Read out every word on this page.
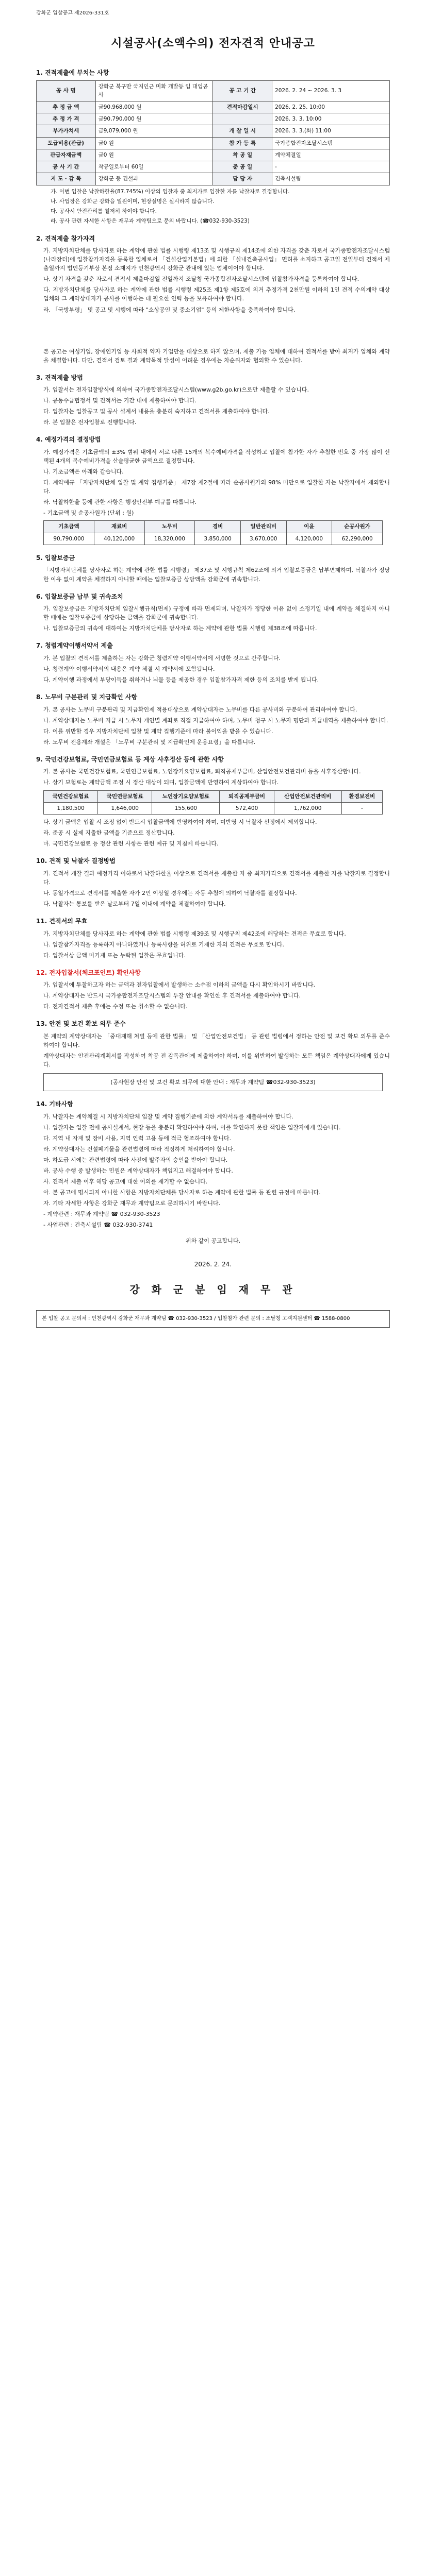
강화군 입찰공고 제2026-331호
시설공사(소액수의) 전자견적 안내공고
1. 견적제출에 부치는 사항
공 사 명	강화군 북구만 국지인근 미화 개발등 임 대임공사	공 고 기 간	2026. 2. 24 ~ 2026. 3. 3
추 정 금 액	금90,968,000 원	견적마감일시	2026. 2. 25. 10:00
추 정 가 격	금90,790,000 원		2026. 3. 3. 10:00
부가가치세	금9,079,000 원	개 찰 일 시	2026. 3. 3.(화) 11:00
도급비용(관급)	금0 원	참 가 등 록	국가종합전자조달시스템
관급자재금액	금0 원	착 공 일	계약체결일
공 사 기 간	착공일로부터 60일	준 공 일	-
지 도 · 감 독	강화군 등 건설과	담 당 자	건축시설팀
가. 이번 입찰은 낙찰하한율(87.745%) 이상의 입찰자 중 최저가로 입찰한 자를 낙찰자로 결정합니다.
나. 사업장은 강화군 강화읍 일원이며, 현장설명은 실시하지 않습니다.
다. 공사시 안전관리를 철저히 하여야 합니다.
라. 공사 관련 자세한 사항은 재무과 계약팀으로 문의 바랍니다. (☎032-930-3523)
2. 견적제출 참가자격
가. 지방자치단체를 당사자로 하는 계약에 관한 법률 시행령 제13조 및 시행규칙 제14조에 의한 자격을 갖춘 자로서 국가종합전자조달시스템(나라장터)에 입찰참가자격을 등록한 업체로서 「건설산업기본법」에 의한 「실내건축공사업」 면허를 소지하고 공고일 전일부터 견적서 제출일까지 법인등기부상 본점 소재지가 인천광역시 강화군 관내에 있는 업체이어야 합니다.
나. 상기 자격을 갖춘 자로서 견적서 제출마감일 전일까지 조달청 국가종합전자조달시스템에 입찰참가자격을 등록하여야 합니다.
다. 지방자치단체를 당사자로 하는 계약에 관한 법률 시행령 제25조 제1항 제5호에 의거 추정가격 2천만원 이하의 1인 견적 수의계약 대상 업체와 그 계약상대자가 공사를 이행하는 데 필요한 인력 등을 보유하여야 합니다.
라. 「국방부령」 및 공고 및 시행에 따라 "소상공인 및 중소기업" 등의 제한사항을 충족하여야 합니다.
본 공고는 여성기업, 장애인기업 등 사회적 약자 기업만을 대상으로 하지 않으며, 제출 가능 업체에 대하여 견적서를 받아 최저가 업체와 계약을 체결합니다. 다만, 견적서 검토 결과 계약목적 달성이 어려운 경우에는 차순위자와 협의할 수 있습니다.
3. 견적제출 방법
가. 입찰서는 전자입찰방식에 의하여 국가종합전자조달시스템(www.g2b.go.kr)으로만 제출할 수 있습니다.
나. 공동수급협정서 및 견적서는 기간 내에 제출하여야 합니다.
다. 입찰자는 입찰공고 및 공사 설계서 내용을 충분히 숙지하고 견적서를 제출하여야 합니다.
라. 본 입찰은 전자입찰로 진행합니다.
4. 예정가격의 결정방법
가. 예정가격은 기초금액의 ±3% 범위 내에서 서로 다른 15개의 복수예비가격을 작성하고 입찰에 참가한 자가 추첨한 번호 중 가장 많이 선택된 4개의 복수예비가격을 산술평균한 금액으로 결정합니다.
나. 기초금액은 아래와 같습니다.
다. 계약예규 「지방자치단체 입찰 및 계약 집행기준」 제7장 제2절에 따라 순공사원가의 98% 미만으로 입찰한 자는 낙찰자에서 제외합니다.
라. 낙찰하한율 등에 관한 사항은 행정안전부 예규를 따릅니다.
- 기초금액 및 순공사원가 (단위 : 원)
기초금액	재료비	노무비	경비	일반관리비	이윤	순공사원가
90,790,000	40,120,000	18,320,000	3,850,000	3,670,000	4,120,000	62,290,000
5. 입찰보증금
「지방자치단체를 당사자로 하는 계약에 관한 법률 시행령」 제37조 및 시행규칙 제62조에 의거 입찰보증금은 납부면제하며, 낙찰자가 정당한 이유 없이 계약을 체결하지 아니할 때에는 입찰보증금 상당액을 강화군에 귀속합니다.
6. 입찰보증금 납부 및 귀속조치
가. 입찰보증금은 지방자치단체 입찰시행규칙(면제) 규정에 따라 면제되며, 낙찰자가 정당한 이유 없이 소정기일 내에 계약을 체결하지 아니할 때에는 입찰보증금에 상당하는 금액을 강화군에 귀속합니다.
나. 입찰보증금의 귀속에 대하여는 지방자치단체를 당사자로 하는 계약에 관한 법률 시행령 제38조에 따릅니다.
7. 청렴계약이행서약서 제출
가. 본 입찰의 견적서를 제출하는 자는 강화군 청렴계약 이행서약서에 서명한 것으로 간주합니다.
나. 청렴계약 이행서약서의 내용은 계약 체결 시 계약서에 포함됩니다.
다. 계약이행 과정에서 부당이득을 취하거나 뇌물 등을 제공한 경우 입찰참가자격 제한 등의 조치를 받게 됩니다.
8. 노무비 구분관리 및 지급확인 사항
가. 본 공사는 노무비 구분관리 및 지급확인제 적용대상으로 계약상대자는 노무비를 다른 공사비와 구분하여 관리하여야 합니다.
나. 계약상대자는 노무비 지급 시 노무자 개인별 계좌로 직접 지급하여야 하며, 노무비 청구 시 노무자 명단과 지급내역을 제출하여야 합니다.
다. 이를 위반할 경우 지방자치단체 입찰 및 계약 집행기준에 따라 불이익을 받을 수 있습니다.
라. 노무비 전용계좌 개설은 「노무비 구분관리 및 지급확인제 운용요령」을 따릅니다.
9. 국민건강보험료, 국민연금보험료 등 계상 사후정산 등에 관한 사항
가. 본 공사는 국민건강보험료, 국민연금보험료, 노인장기요양보험료, 퇴직공제부금비, 산업안전보건관리비 등을 사후정산합니다.
나. 상기 보험료는 계약금액 조정 시 정산 대상이 되며, 입찰금액에 반영하여 계상하여야 합니다.
국민건강보험료	국민연금보험료	노인장기요양보험료	퇴직공제부금비	산업안전보건관리비	환경보전비
1,180,500	1,646,000	155,600	572,400	1,762,000	-
다. 상기 금액은 입찰 시 조정 없이 반드시 입찰금액에 반영하여야 하며, 미반영 시 낙찰자 선정에서 제외합니다.
라. 준공 시 실제 지출한 금액을 기준으로 정산합니다.
마. 국민건강보험료 등 정산 관련 사항은 관련 예규 및 지침에 따릅니다.
10. 견적 및 낙찰자 결정방법
가. 견적서 개찰 결과 예정가격 이하로서 낙찰하한율 이상으로 견적서를 제출한 자 중 최저가격으로 견적서를 제출한 자를 낙찰자로 결정합니다.
나. 동일가격으로 견적서를 제출한 자가 2인 이상일 경우에는 자동 추첨에 의하여 낙찰자를 결정합니다.
다. 낙찰자는 통보를 받은 날로부터 7일 이내에 계약을 체결하여야 합니다.
11. 견적서의 무효
가. 지방자치단체를 당사자로 하는 계약에 관한 법률 시행령 제39조 및 시행규칙 제42조에 해당하는 견적은 무효로 합니다.
나. 입찰참가자격을 등록하지 아니하였거나 등록사항을 허위로 기재한 자의 견적은 무효로 합니다.
다. 입찰서상 금액 미기재 또는 누락된 입찰은 무효입니다.
12. 전자입찰서(체크포인트) 확인사항
가. 입찰서에 투찰하고자 하는 금액과 전자입찰에서 발생하는 소수점 이하의 금액을 다시 확인하시기 바랍니다.
나. 계약상대자는 반드시 국가종합전자조달시스템의 투찰 안내를 확인한 후 견적서를 제출하여야 합니다.
다. 전자견적서 제출 후에는 수정 또는 취소할 수 없습니다.
13. 안전 및 보건 확보 의무 준수
본 계약의 계약상대자는 「중대재해 처벌 등에 관한 법률」 및 「산업안전보건법」 등 관련 법령에서 정하는 안전 및 보건 확보 의무를 준수하여야 합니다.
계약상대자는 안전관리계획서를 작성하여 착공 전 감독관에게 제출하여야 하며, 이를 위반하여 발생하는 모든 책임은 계약상대자에게 있습니다.
(공사현장 안전 및 보건 확보 의무에 대한 안내 : 재무과 계약팀 ☎032-930-3523)
14. 기타사항
가. 낙찰자는 계약체결 시 지방자치단체 입찰 및 계약 집행기준에 의한 계약서류를 제출하여야 합니다.
나. 입찰자는 입찰 전에 공사설계서, 현장 등을 충분히 확인하여야 하며, 이를 확인하지 못한 책임은 입찰자에게 있습니다.
다. 지역 내 자재 및 장비 사용, 지역 인력 고용 등에 적극 협조하여야 합니다.
라. 계약상대자는 건설폐기물을 관련법령에 따라 적정하게 처리하여야 합니다.
마. 하도급 시에는 관련법령에 따라 사전에 발주자의 승인을 받아야 합니다.
바. 공사 수행 중 발생하는 민원은 계약상대자가 책임지고 해결하여야 합니다.
사. 견적서 제출 이후 해당 공고에 대한 이의를 제기할 수 없습니다.
아. 본 공고에 명시되지 아니한 사항은 지방자치단체를 당사자로 하는 계약에 관한 법률 등 관련 규정에 따릅니다.
자. 기타 자세한 사항은 강화군 재무과 계약팀으로 문의하시기 바랍니다.
- 계약관련 : 재무과 계약팀 ☎ 032-930-3523
- 사업관련 : 건축시설팀 ☎ 032-930-3741
위와 같이 공고합니다.
2026. 2. 24.
강 화 군 분 임 재 무 관
본 입찰 공고 문의처 : 인천광역시 강화군 재무과 계약팀 ☎ 032-930-3523 / 입찰참가 관련 문의 : 조달청 고객지원센터 ☎ 1588-0800
